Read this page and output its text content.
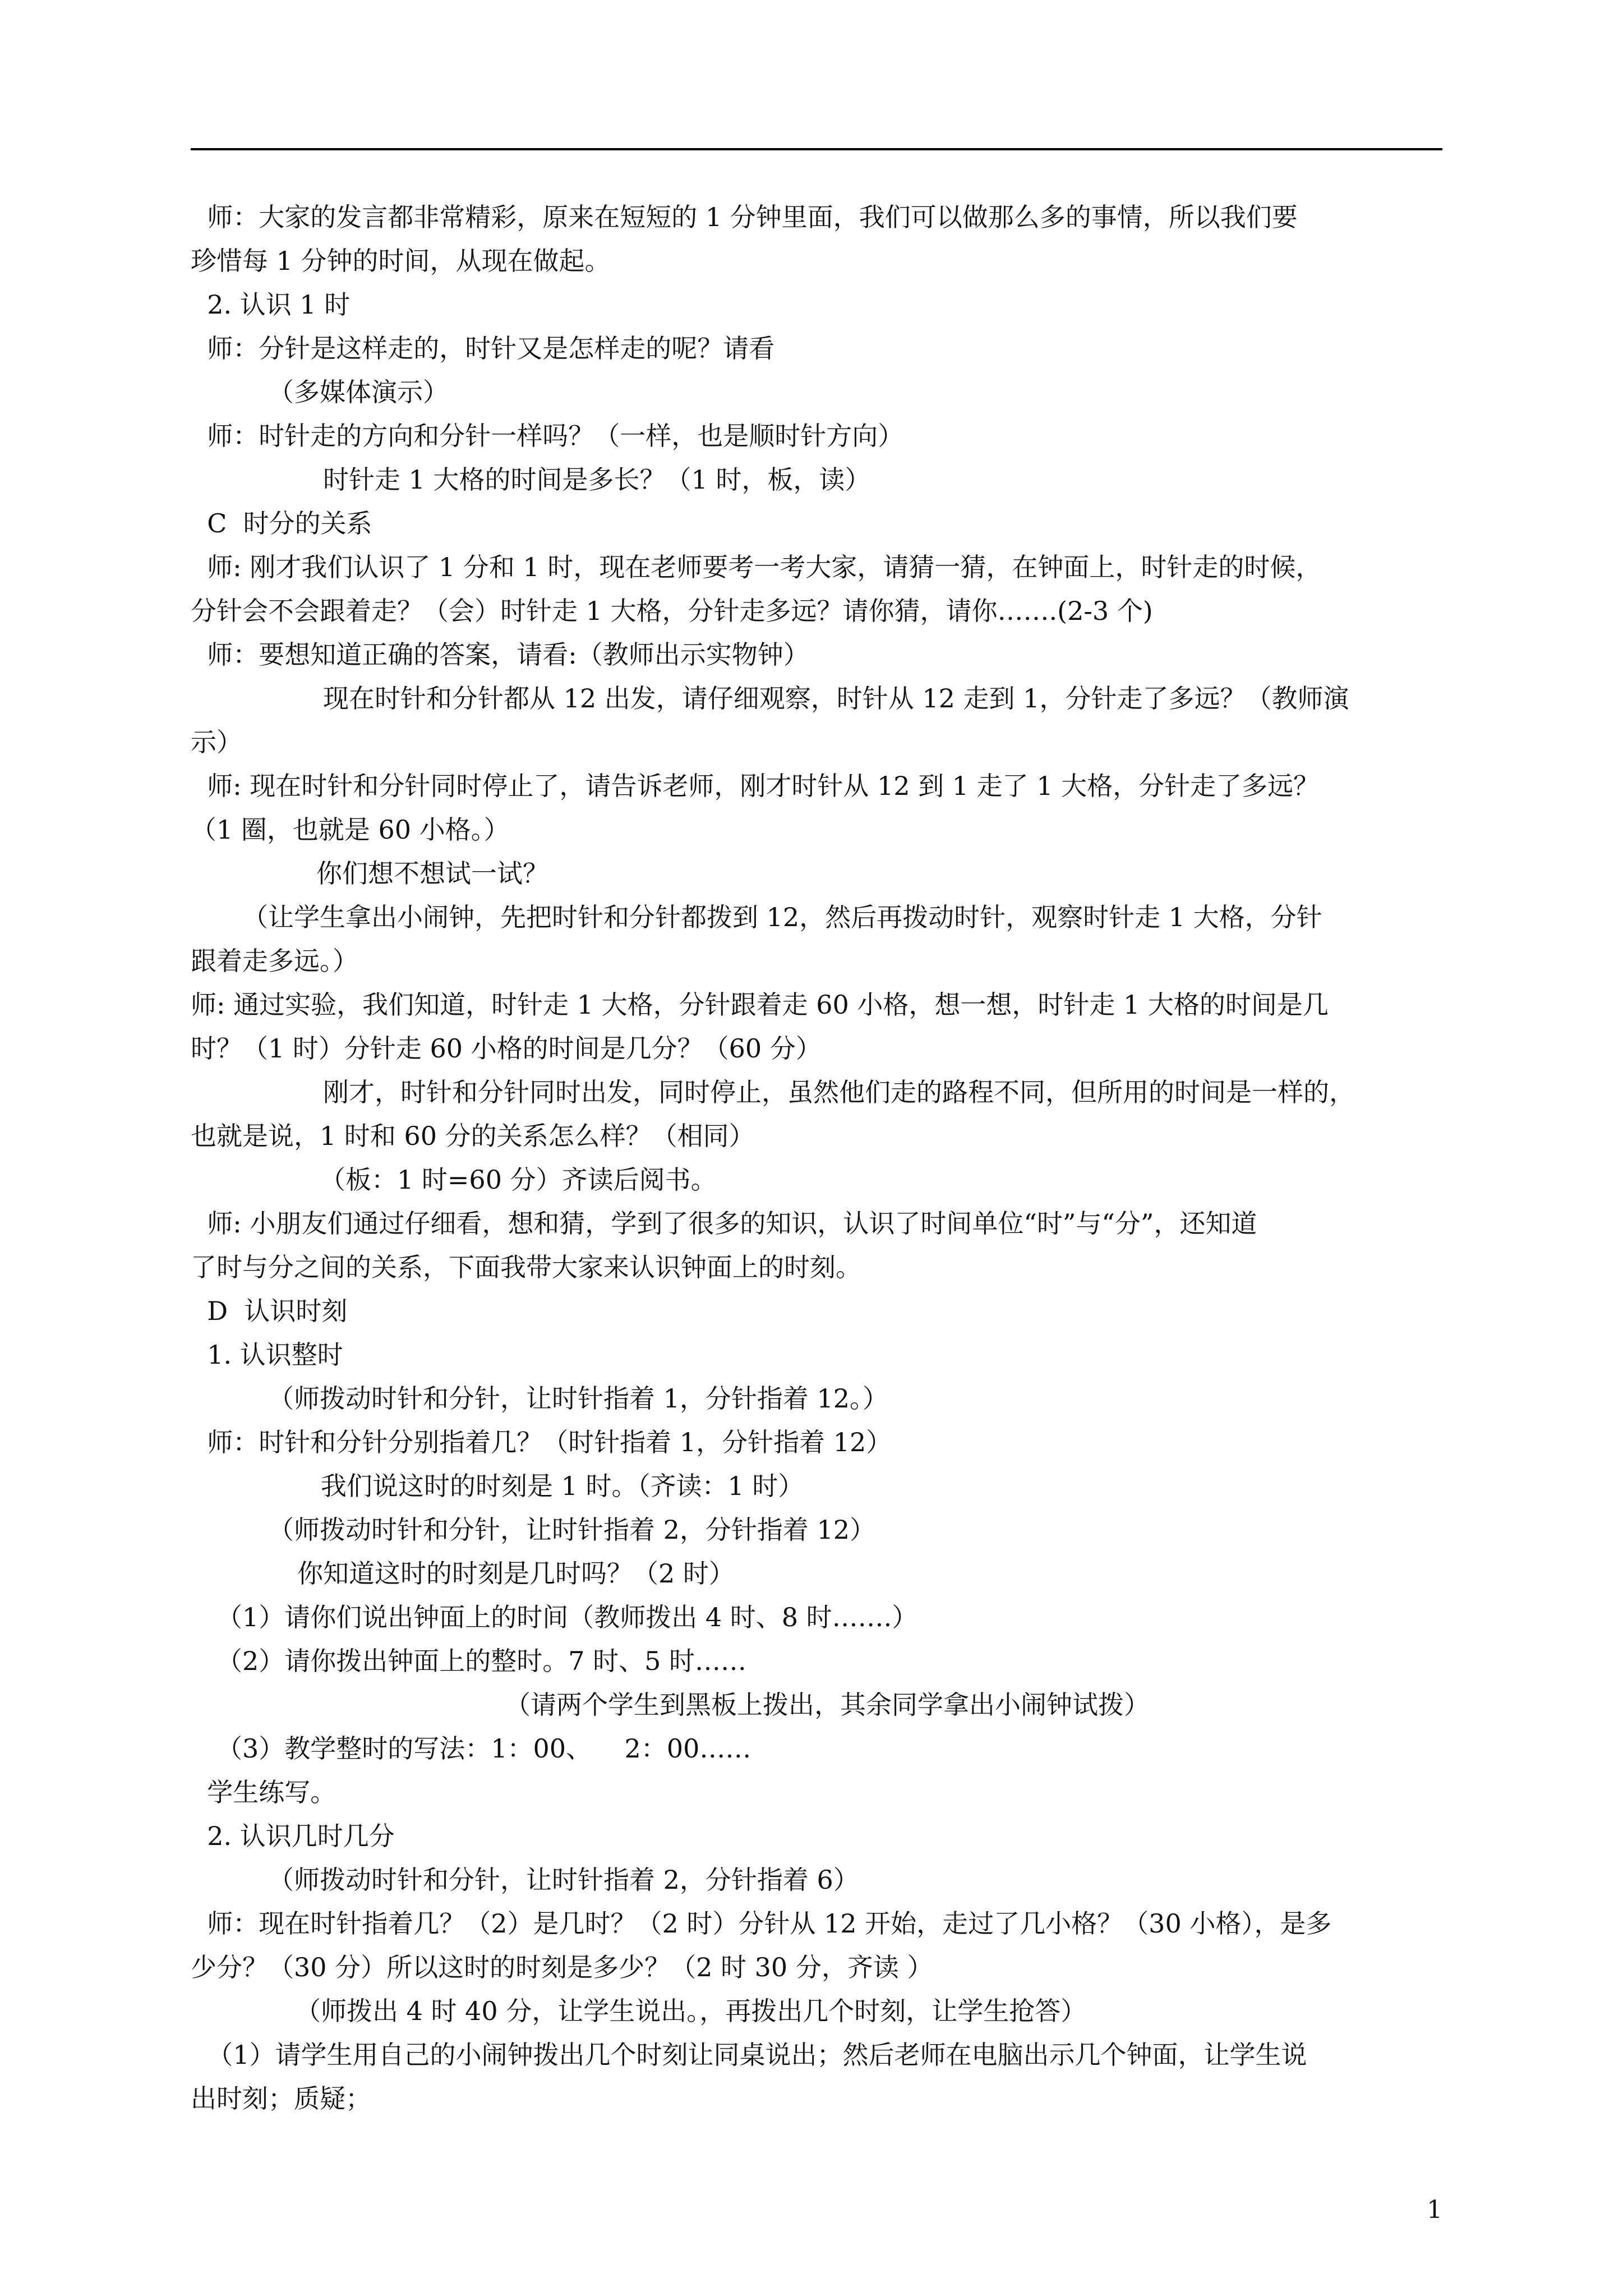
师：大家的发言都非常精彩，原来在短短的 1 分钟里面，我们可以做那么多的事情，所以我们要
珍惜每 1 分钟的时间，从现在做起。
2. 认识 1 时
师：分针是这样走的，时针又是怎样走的呢？请看
（多媒体演示）
师：时针走的方向和分针一样吗？（一样，也是顺时针方向）
时针走 1 大格的时间是多长？（1 时，板，读）
C  时分的关系
师: 刚才我们认识了 1 分和 1 时，现在老师要考一考大家，请猜一猜，在钟面上，时针走的时候，
分针会不会跟着走？（会）时针走 1 大格，分针走多远？请你猜，请你…….(2-3 个)
师：要想知道正确的答案，请看:（教师出示实物钟）
现在时针和分针都从 12 出发，请仔细观察，时针从 12 走到 1，分针走了多远？（教师演
示）
师: 现在时针和分针同时停止了，请告诉老师，刚才时针从 12 到 1 走了 1 大格，分针走了多远？
（1 圈，也就是 60 小格。）
你们想不想试一试？
（让学生拿出小闹钟，先把时针和分针都拨到 12，然后再拨动时针，观察时针走 1 大格，分针
跟着走多远。）
师: 通过实验，我们知道，时针走 1 大格，分针跟着走 60 小格，想一想，时针走 1 大格的时间是几
时？（1 时）分针走 60 小格的时间是几分？（60 分）
刚才，时针和分针同时出发，同时停止，虽然他们走的路程不同，但所用的时间是一样的，
也就是说，1 时和 60 分的关系怎么样？（相同）
（板：1 时=60 分）齐读后阅书。
师: 小朋友们通过仔细看，想和猜，学到了很多的知识，认识了时间单位“时”与“分”，还知道
了时与分之间的关系，下面我带大家来认识钟面上的时刻。
D  认识时刻
1. 认识整时
（师拨动时针和分针，让时针指着 1，分针指着 12。）
师：时针和分针分别指着几？（时针指着 1，分针指着 12）
我们说这时的时刻是 1 时。（齐读：1 时）
（师拨动时针和分针，让时针指着 2，分针指着 12）
你知道这时的时刻是几时吗？（2 时）
（1）请你们说出钟面上的时间（教师拨出 4 时、8 时…….）
（2）请你拨出钟面上的整时。7 时、5 时……
（请两个学生到黑板上拨出，其余同学拿出小闹钟试拨）
（3）教学整时的写法：1：00、    2：00……
学生练写。
2. 认识几时几分
（师拨动时针和分针，让时针指着 2，分针指着 6）
师：现在时针指着几？（2）是几时？（2 时）分针从 12 开始，走过了几小格？（30 小格），是多
少分？（30 分）所以这时的时刻是多少？（2 时 30 分，齐读 ）
（师拨出 4 时 40 分，让学生说出。，再拨出几个时刻，让学生抢答）
（1）请学生用自己的小闹钟拨出几个时刻让同桌说出；然后老师在电脑出示几个钟面，让学生说
出时刻；质疑；
1
